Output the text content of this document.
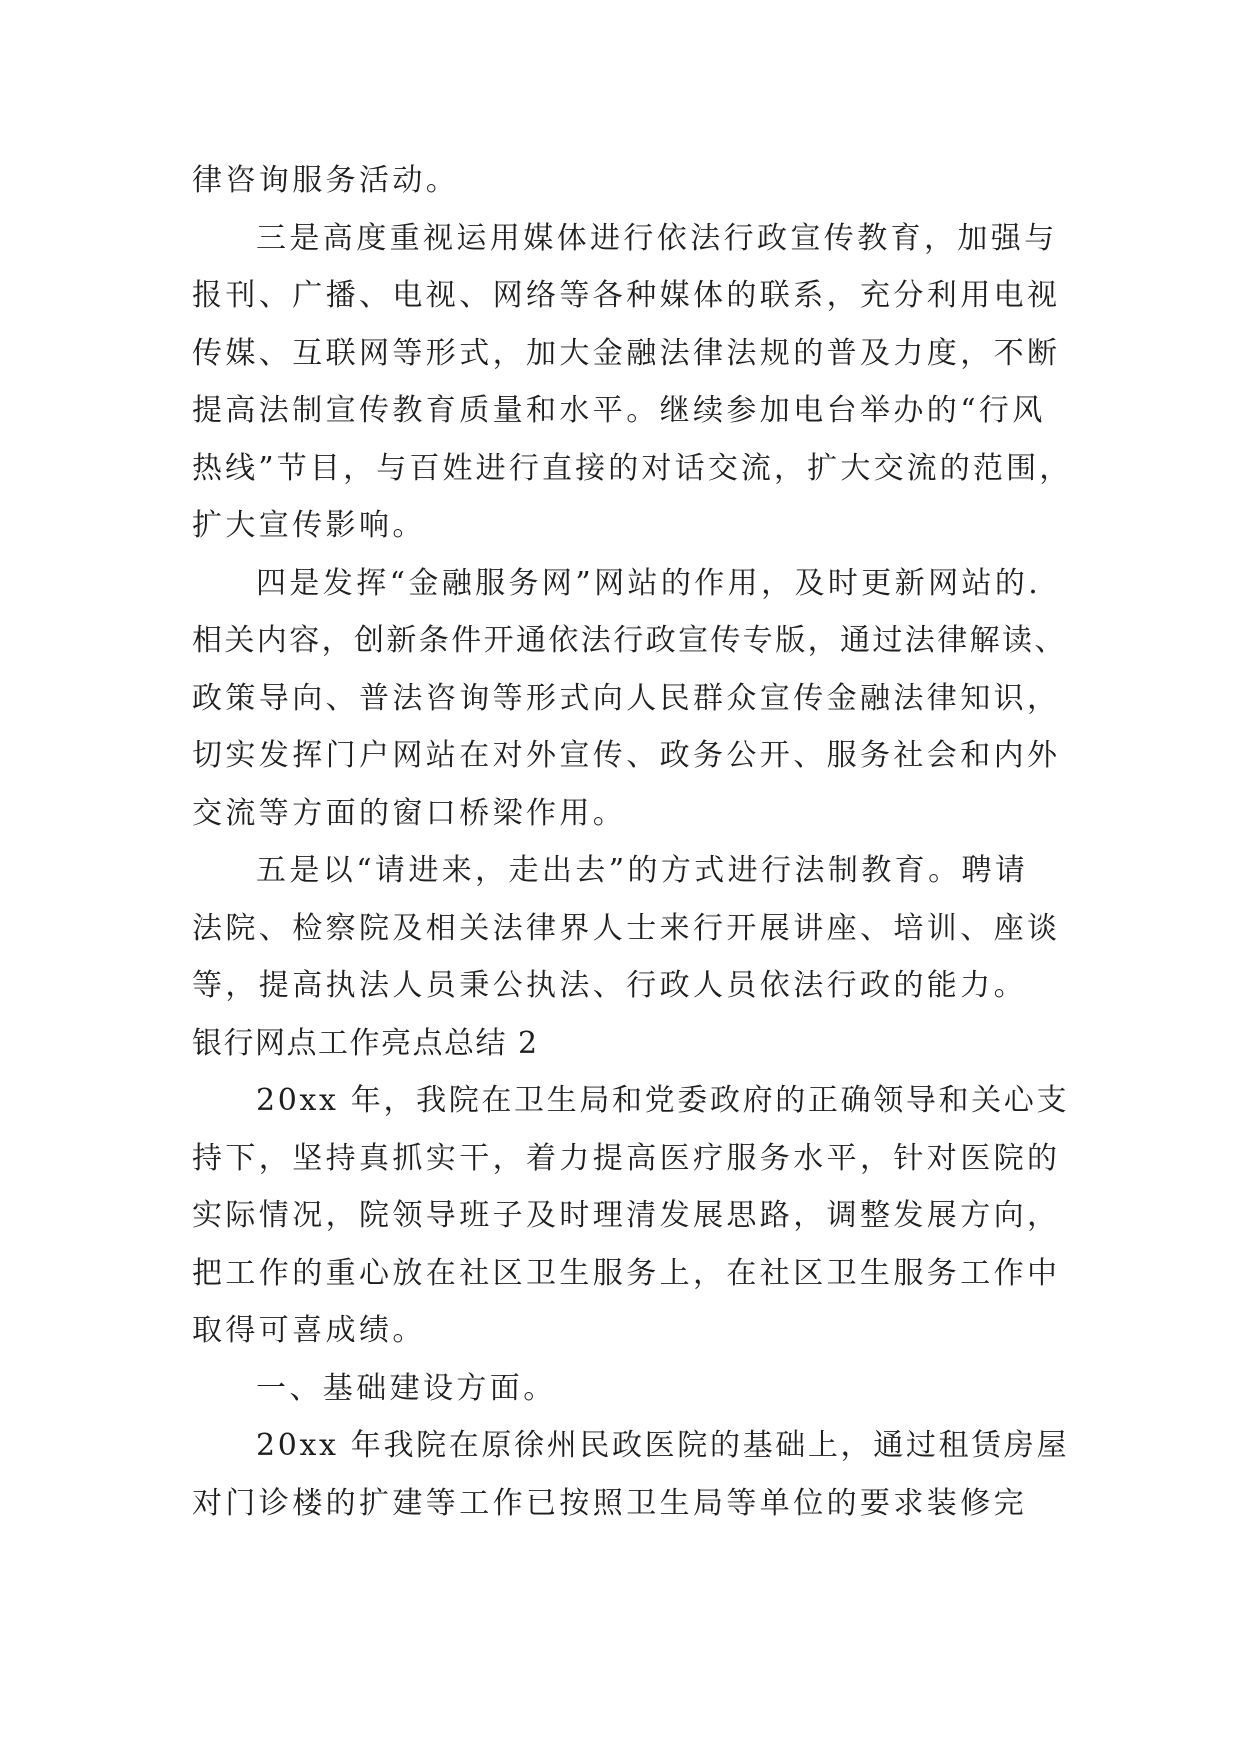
律咨询服务活动。
三是高度重视运用媒体进行依法行政宣传教育，加强与
报刊、广播、电视、网络等各种媒体的联系，充分利用电视
传媒、互联网等形式，加大金融法律法规的普及力度，不断
提高法制宣传教育质量和水平。继续参加电台举办的“行风
热线”节目，与百姓进行直接的对话交流，扩大交流的范围，
扩大宣传影响。
四是发挥“金融服务网”网站的作用，及时更新网站的.
相关内容，创新条件开通依法行政宣传专版，通过法律解读、
政策导向、普法咨询等形式向人民群众宣传金融法律知识，
切实发挥门户网站在对外宣传、政务公开、服务社会和内外
交流等方面的窗口桥梁作用。
五是以“请进来，走出去”的方式进行法制教育。聘请
法院、检察院及相关法律界人士来行开展讲座、培训、座谈
等，提高执法人员秉公执法、行政人员依法行政的能力。
银行网点工作亮点总结 2
20xx 年，我院在卫生局和党委政府的正确领导和关心支
持下，坚持真抓实干，着力提高医疗服务水平，针对医院的
实际情况，院领导班子及时理清发展思路，调整发展方向，
把工作的重心放在社区卫生服务上，在社区卫生服务工作中
取得可喜成绩。
一、基础建设方面。
20xx 年我院在原徐州民政医院的基础上，通过租赁房屋
对门诊楼的扩建等工作已按照卫生局等单位的要求装修完
